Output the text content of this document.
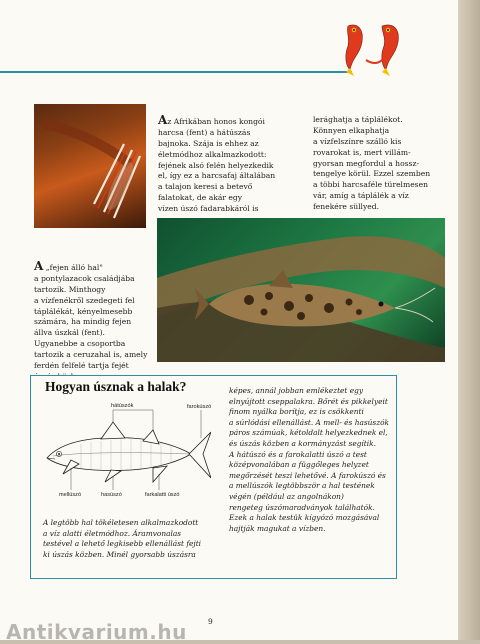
Az Afrikában honos kongói
harcsa (fent) a hátúszás
bajnoka. Szája is ehhez az
életmódhoz alkalmazkodott:
fejének alsó felén helyezkedik
el, így ez a harcsafaj általában
a talajon keresi a betevő
falatokat, de akár egy
vízen úszó fadarabkáról is

lerághatja a táplálékot.
Könnyen elkaphatja
a vízfelszínre szálló kis
rovarokat is, mert villám-
gyorsan megfordul a hossz-
tengelye körül. Ezzel szemben
a többi harcsaféle türelmesen
vár, amíg a táplálék a víz
fenekére süllyed.

A „fejen álló hal"
a pontylazacok családjába
tartozik. Minthogy
a vízfenékről szedegeti fel
táplálékát, kényelmesebb
számára, ha mindig fejen
állva úszkál (fent).
Ugyanebbe a csoportba
tartozik a ceruzahal is, amely
ferdén felfelé tartja fejét

Hogyan úsznak a halak?
hátúszók	farokúszó
mellúszó	hasúszó	farkalatti úszó
A legtöbb hal tökéletesen alkalmazkodott
a víz alatti életmódhoz. Áramvonalas
testével a lehető legkisebb ellenállást fejti
ki úszás közben. Minél gyorsabb úszásra
képes, annál jobban emlékeztet egy
elnyújtott cseppalakra. Bőrét és pikkelyeit
finom nyálka borítja, ez is csökkenti
a súrlódási ellenállást. A mell- és hasúszók
páros számúak, kétoldalt helyezkednek el,
és úszás közben a kormányzást segítik.
A hátúszó és a farokalatti úszó a test
középvonalában a függőleges helyzet
megőrzését teszi lehetővé. A farokúszó és
a mellúszók legtöbbször a hal testének
végén (például az angolnákon)
rengeteg úszómaradványok találhatók.
Ezek a halak testük kígyózó mozgásával
hajtják magukat a vízben.
9
Antikvarium.hu
